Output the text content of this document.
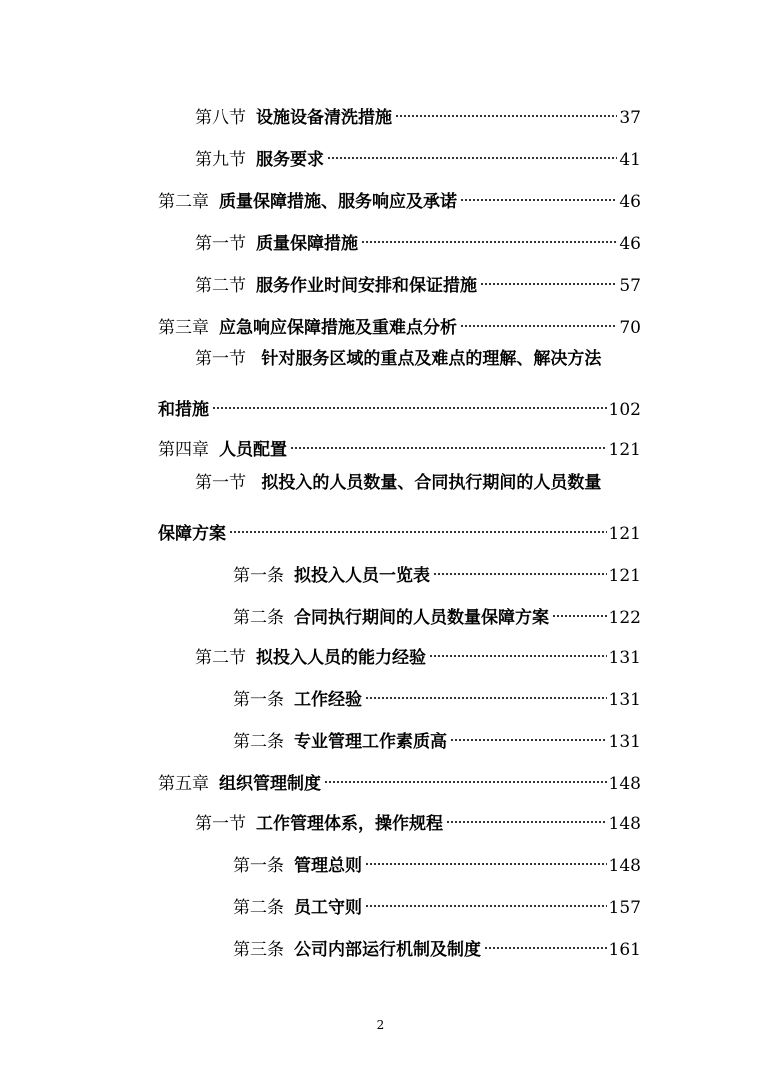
第八节 设施设备清洗措施	37
第九节 服务要求	41
第二章 质量保障措施、服务响应及承诺	46
第一节 质量保障措施	46
第二节 服务作业时间安排和保证措施	57
第三章 应急响应保障措施及重难点分析	70
第一节 针对服务区域的重点及难点的理解、解决方法
和措施	102
第四章 人员配置	121
第一节 拟投入的人员数量、合同执行期间的人员数量
保障方案	121
第一条 拟投入人员一览表	121
第二条 合同执行期间的人员数量保障方案	122
第二节 拟投入人员的能力经验	131
第一条 工作经验	131
第二条 专业管理工作素质高	131
第五章 组织管理制度	148
第一节 工作管理体系，操作规程	148
第一条 管理总则	148
第二条 员工守则	157
第三条 公司内部运行机制及制度	161
2
